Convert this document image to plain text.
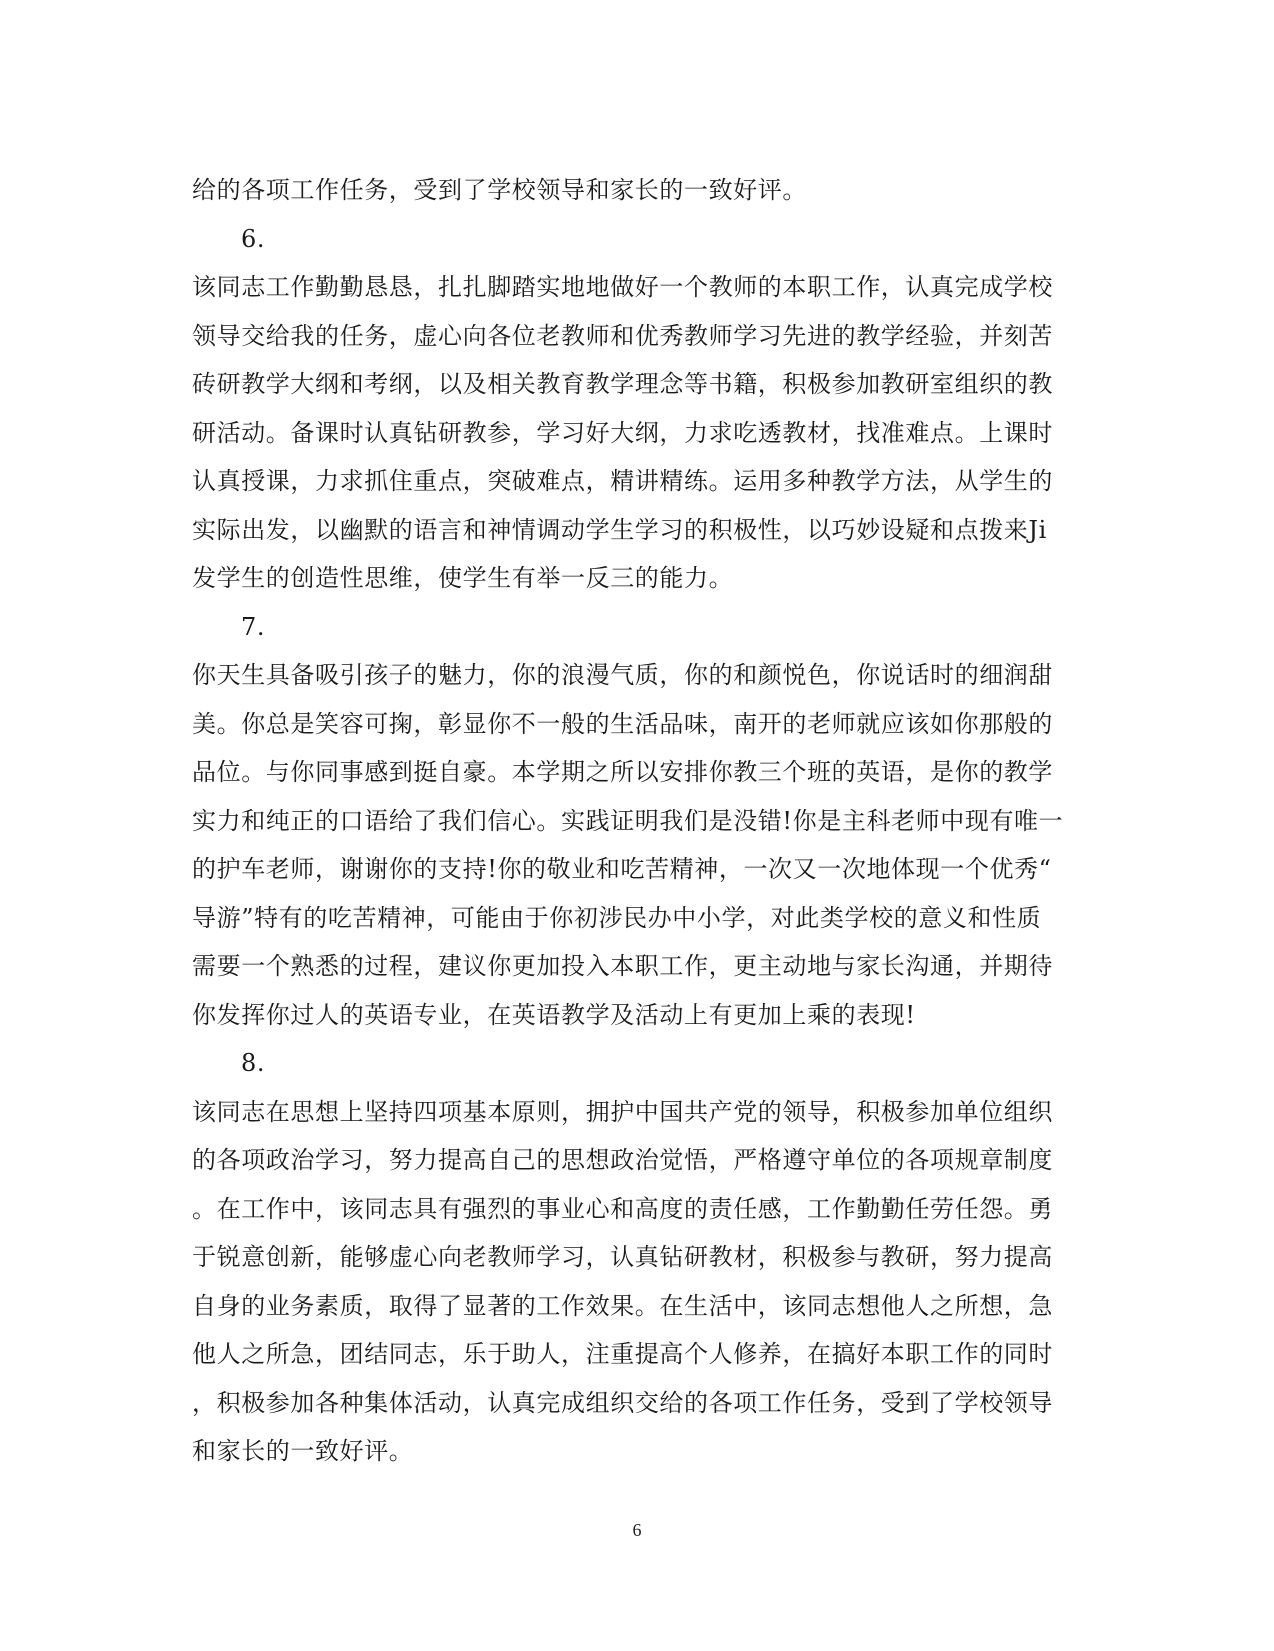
给的各项工作任务，受到了学校领导和家长的一致好评。
6.
该同志工作勤勤恳恳，扎扎脚踏实地地做好一个教师的本职工作，认真完成学校
领导交给我的任务，虚心向各位老教师和优秀教师学习先进的教学经验，并刻苦
砖研教学大纲和考纲，以及相关教育教学理念等书籍，积极参加教研室组织的教
研活动。备课时认真钻研教参，学习好大纲，力求吃透教材，找准难点。上课时
认真授课，力求抓住重点，突破难点，精讲精练。运用多种教学方法，从学生的
实际出发，以幽默的语言和神情调动学生学习的积极性，以巧妙设疑和点拨来Ji
发学生的创造性思维，使学生有举一反三的能力。
7.
你天生具备吸引孩子的魅力，你的浪漫气质，你的和颜悦色，你说话时的细润甜
美。你总是笑容可掬，彰显你不一般的生活品味，南开的老师就应该如你那般的
品位。与你同事感到挺自豪。本学期之所以安排你教三个班的英语，是你的教学
实力和纯正的口语给了我们信心。实践证明我们是没错!你是主科老师中现有唯一
的护车老师，谢谢你的支持!你的敬业和吃苦精神，一次又一次地体现一个优秀“
导游”特有的吃苦精神，可能由于你初涉民办中小学，对此类学校的意义和性质
需要一个熟悉的过程，建议你更加投入本职工作，更主动地与家长沟通，并期待
你发挥你过人的英语专业，在英语教学及活动上有更加上乘的表现!
8.
该同志在思想上坚持四项基本原则，拥护中国共产党的领导，积极参加单位组织
的各项政治学习，努力提高自己的思想政治觉悟，严格遵守单位的各项规章制度
。在工作中，该同志具有强烈的事业心和高度的责任感，工作勤勤任劳任怨。勇
于锐意创新，能够虚心向老教师学习，认真钻研教材，积极参与教研，努力提高
自身的业务素质，取得了显著的工作效果。在生活中，该同志想他人之所想，急
他人之所急，团结同志，乐于助人，注重提高个人修养，在搞好本职工作的同时
，积极参加各种集体活动，认真完成组织交给的各项工作任务，受到了学校领导
和家长的一致好评。
6
